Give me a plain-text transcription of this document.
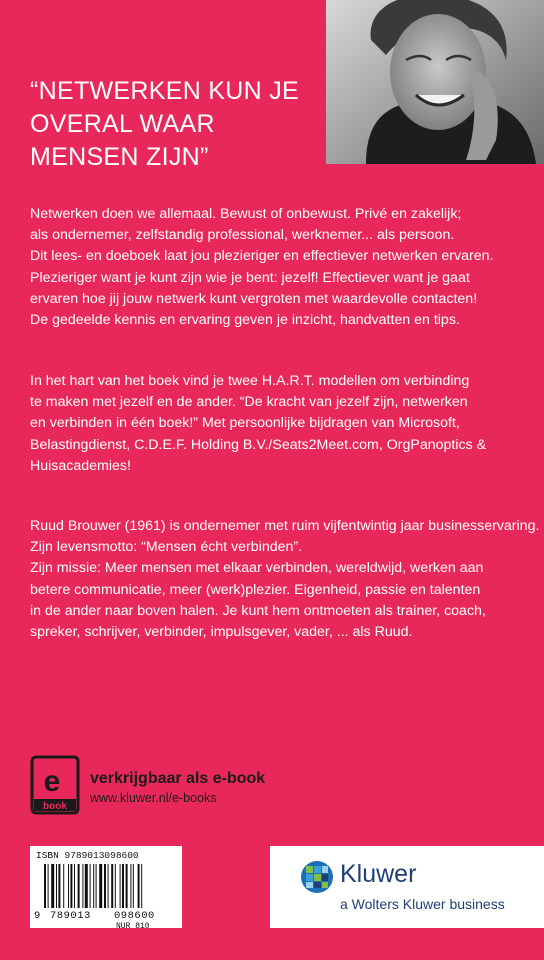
“NETWERKEN KUN JE
OVERAL WAAR
MENSEN ZIJN”
Netwerken doen we allemaal. Bewust of onbewust. Privé en zakelijk;
als ondernemer, zelfstandig professional, werknemer... als persoon.
Dit lees- en doeboek laat jou plezieriger en effectiever netwerken ervaren.
Plezieriger want je kunt zijn wie je bent: jezelf! Effectiever want je gaat
ervaren hoe jij jouw netwerk kunt vergroten met waardevolle contacten!
De gedeelde kennis en ervaring geven je inzicht, handvatten en tips.
In het hart van het boek vind je twee H.A.R.T. modellen om verbinding
te maken met jezelf en de ander. “De kracht van jezelf zijn, netwerken
en verbinden in één boek!” Met persoonlijke bijdragen van Microsoft,
Belastingdienst, C.D.E.F. Holding B.V./Seats2Meet.com, OrgPanoptics &
Huisacademies!
Ruud Brouwer (1961) is ondernemer met ruim vijfentwintig jaar businesservaring.
Zijn levensmotto: “Mensen écht verbinden”.
Zijn missie: Meer mensen met elkaar verbinden, wereldwijd, werken aan
betere communicatie, meer (werk)plezier. Eigenheid, passie en talenten
in de ander naar boven halen. Je kunt hem ontmoeten als trainer, coach,
spreker, schrijver, verbinder, impulsgever, vader, ... als Ruud.
e
book
verkrijgbaar als e-book
www.kluwer.nl/e-books
ISBN 9789013098600
9 789013 098600
NUR 810
Kluwer
a Wolters Kluwer business
